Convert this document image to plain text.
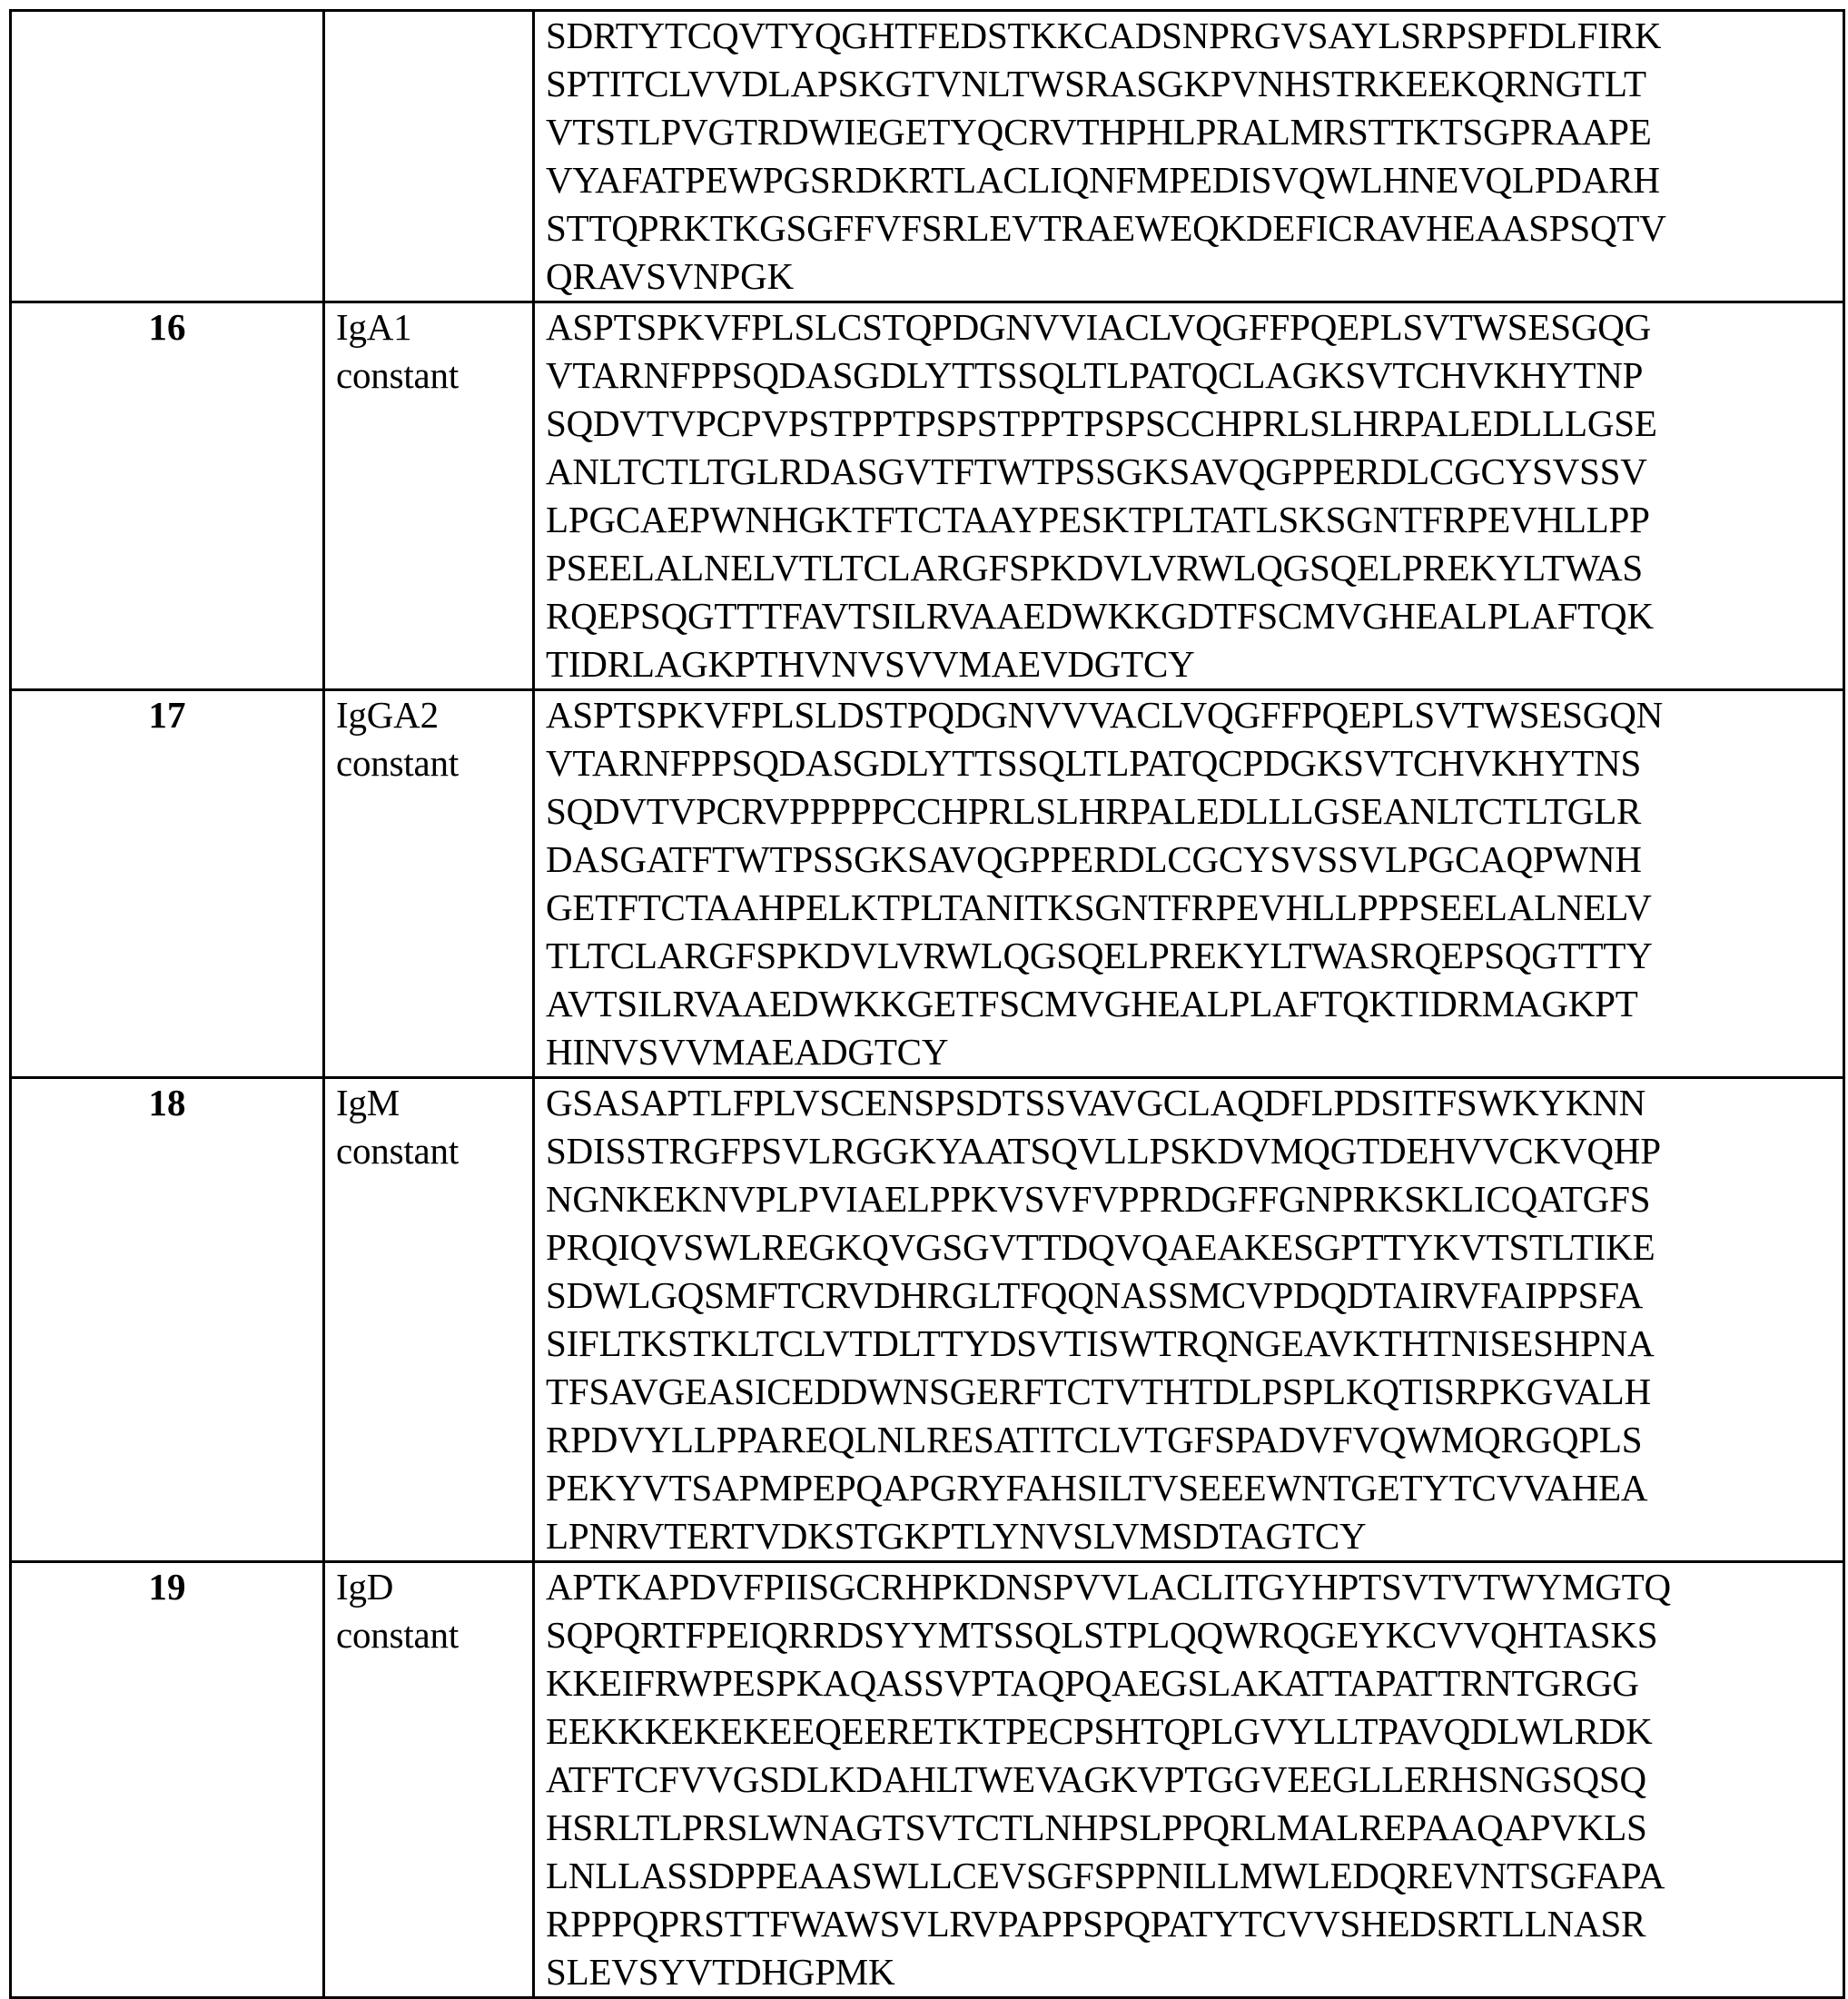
SDRTYTCQVTYQGHTFEDSTKKCADSNPRGVSAYLSRPSPFDLFIRK
SPTITCLVVDLAPSKGTVNLTWSRASGKPVNHSTRKEEKQRNGTLT
VTSTLPVGTRDWIEGETYQCRVTHPHLPRALMRSTTKTSGPRAAPE
VYAFATPEWPGSRDKRTLACLIQNFMPEDISVQWLHNEVQLPDARH
STTQPRKTKGSGFFVFSRLEVTRAEWEQKDEFICRAVHEAASPSQTV
QRAVSVNPGK

16	IgA1
constant

ASPTSPKVFPLSLCSTQPDGNVVIACLVQGFFPQEPLSVTWSESGQG
VTARNFPPSQDASGDLYTTSSQLTLPATQCLAGKSVTCHVKHYTNP
SQDVTVPCPVPSTPPTPSPSTPPTPSPSCCHPRLSLHRPALEDLLLGSE
ANLTCTLTGLRDASGVTFTWTPSSGKSAVQGPPERDLCGCYSVSSV
LPGCAEPWNHGKTFTCTAAYPESKTPLTATLSKSGNTFRPEVHLLPP
PSEELALNELVTLTCLARGFSPKDVLVRWLQGSQELPREKYLTWAS
RQEPSQGTTTFAVTSILRVAAEDWKKGDTFSCMVGHEALPLAFTQK
TIDRLAGKPTHVNVSVVMAEVDGTCY

17	IgGA2
constant

ASPTSPKVFPLSLDSTPQDGNVVVACLVQGFFPQEPLSVTWSESGQN
VTARNFPPSQDASGDLYTTSSQLTLPATQCPDGKSVTCHVKHYTNS
SQDVTVPCRVPPPPPCCHPRLSLHRPALEDLLLGSEANLTCTLTGLR
DASGATFTWTPSSGKSAVQGPPERDLCGCYSVSSVLPGCAQPWNH
GETFTCTAAHPELKTPLTANITKSGNTFRPEVHLLPPPSEELALNELV
TLTCLARGFSPKDVLVRWLQGSQELPREKYLTWASRQEPSQGTTTY
AVTSILRVAAEDWKKGETFSCMVGHEALPLAFTQKTIDRMAGKPT
HINVSVVMAEADGTCY

18	IgM
constant

GSASAPTLFPLVSCENSPSDTSSVAVGCLAQDFLPDSITFSWKYKNN
SDISSTRGFPSVLRGGKYAATSQVLLPSKDVMQGTDEHVVCKVQHP
NGNKEKNVPLPVIAELPPKVSVFVPPRDGFFGNPRKSKLICQATGFS
PRQIQVSWLREGKQVGSGVTTDQVQAEAKESGPTTYKVTSTLTIKE
SDWLGQSMFTCRVDHRGLTFQQNASSMCVPDQDTAIRVFAIPPSFA
SIFLTKSTKLTCLVTDLTTYDSVTISWTRQNGEAVKTHTNISESHPNA
TFSAVGEASICEDDWNSGERFTCTVTHTDLPSPLKQTISRPKGVALH
RPDVYLLPPAREQLNLRESATITCLVTGFSPADVFVQWMQRGQPLS
PEKYVTSAPMPEPQAPGRYFAHSILTVSEEEWNTGETYTCVVAHEA
LPNRVTERTVDKSTGKPTLYNVSLVMSDTAGTCY

19	IgD
constant

APTKAPDVFPIISGCRHPKDNSPVVLACLITGYHPTSVTVTWYMGTQ
SQPQRTFPEIQRRDSYYMTSSQLSTPLQQWRQGEYKCVVQHTASKS
KKEIFRWPESPKAQASSVPTAQPQAEGSLAKATTAPATTRNTGRGG
EEKKKEKEKEEQEERETKTPECPSHTQPLGVYLLTPAVQDLWLRDK
ATFTCFVVGSDLKDAHLTWEVAGKVPTGGVEEGLLERHSNGSQSQ
HSRLTLPRSLWNAGTSVTCTLNHPSLPPQRLMALREPAAQAPVKLS
LNLLASSDPPEAASWLLCEVSGFSPPNILLMWLEDQREVNTSGFAPA
RPPPQPRSTTFWAWSVLRVPAPPSPQPATYTCVVSHEDSRTLLNASR
SLEVSYVTDHGPMK
